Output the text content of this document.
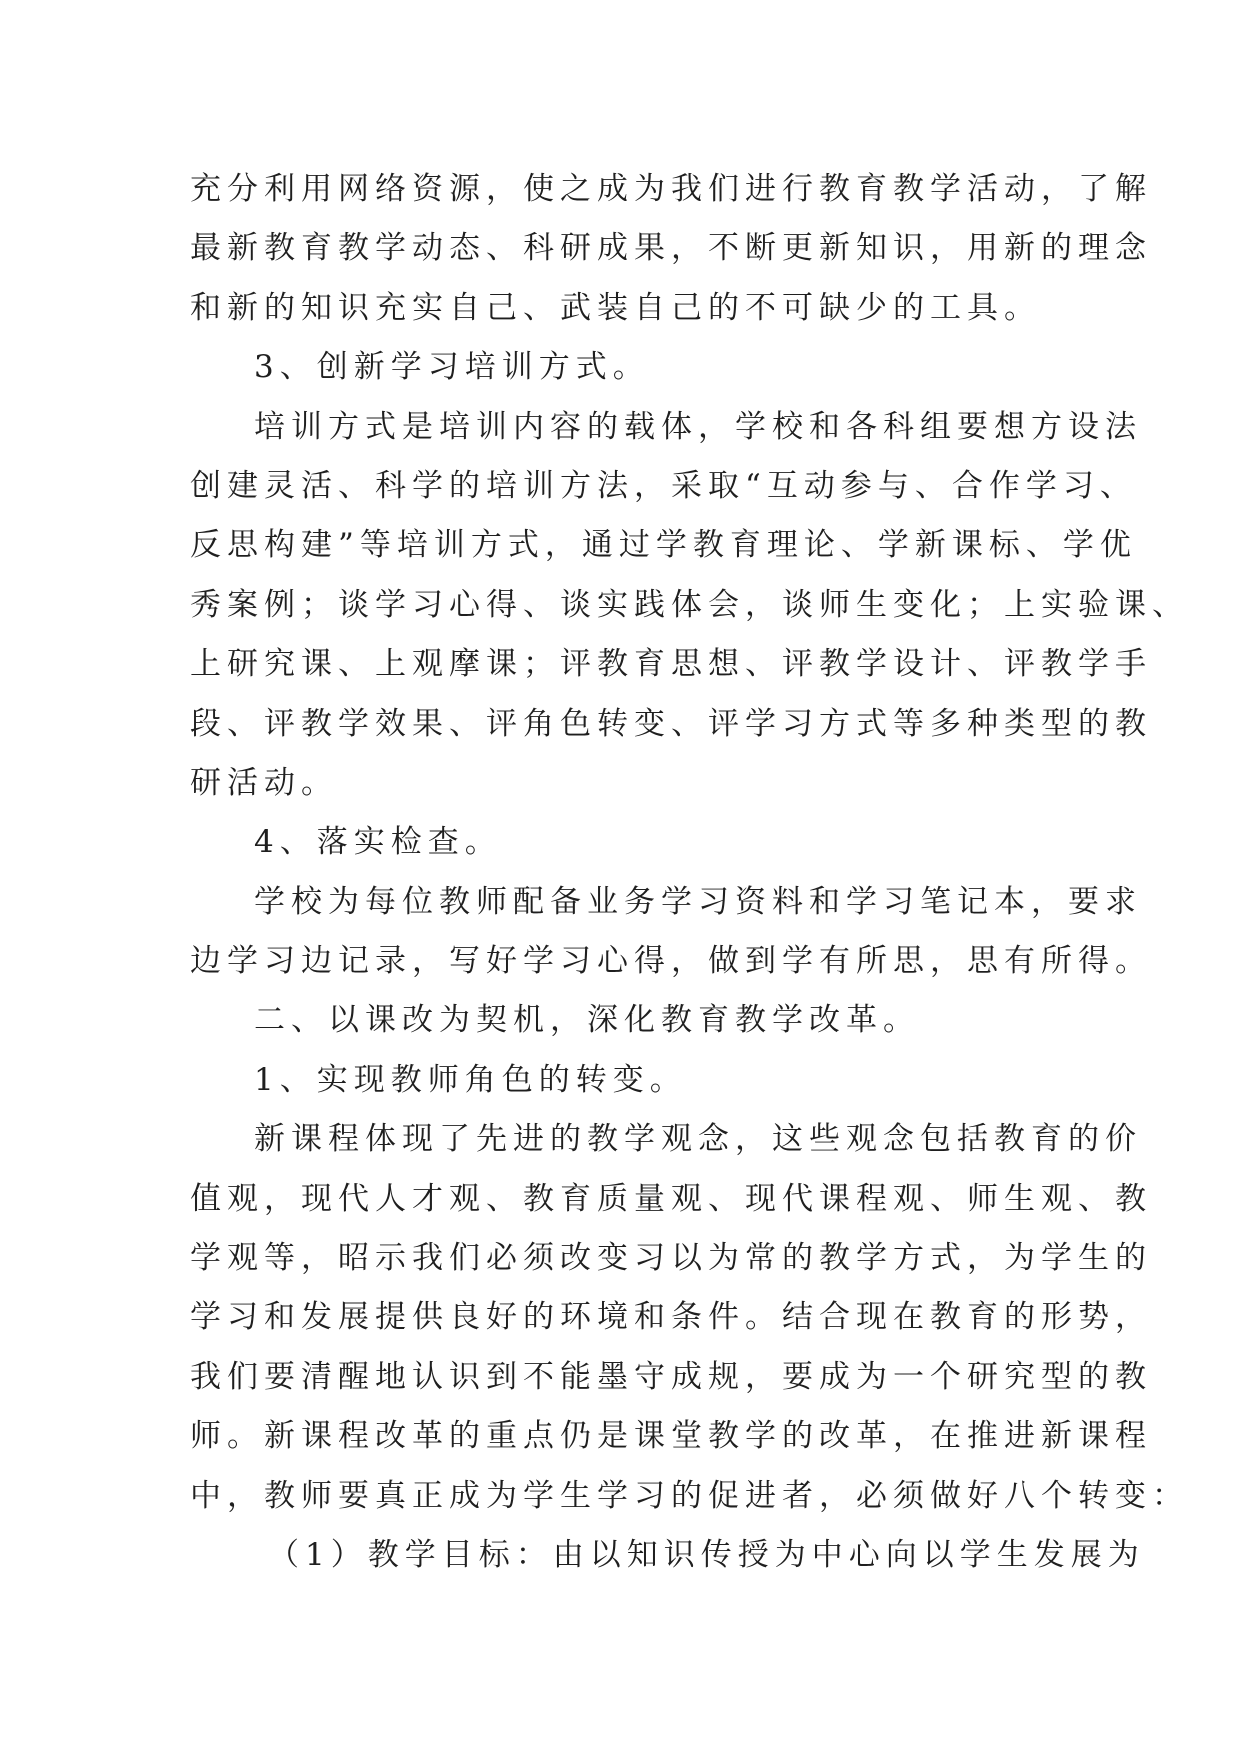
充分利用网络资源，使之成为我们进行教育教学活动，了解
最新教育教学动态、科研成果，不断更新知识，用新的理念
和新的知识充实自己、武装自己的不可缺少的工具。
3、创新学习培训方式。
培训方式是培训内容的载体，学校和各科组要想方设法
创建灵活、科学的培训方法，采取“互动参与、合作学习、
反思构建”等培训方式，通过学教育理论、学新课标、学优
秀案例；谈学习心得、谈实践体会，谈师生变化；上实验课、
上研究课、上观摩课；评教育思想、评教学设计、评教学手
段、评教学效果、评角色转变、评学习方式等多种类型的教
研活动。
4、落实检查。
学校为每位教师配备业务学习资料和学习笔记本，要求
边学习边记录，写好学习心得，做到学有所思，思有所得。
二、以课改为契机，深化教育教学改革。
1、实现教师角色的转变。
新课程体现了先进的教学观念，这些观念包括教育的价
值观，现代人才观、教育质量观、现代课程观、师生观、教
学观等，昭示我们必须改变习以为常的教学方式，为学生的
学习和发展提供良好的环境和条件。结合现在教育的形势，
我们要清醒地认识到不能墨守成规，要成为一个研究型的教
师。新课程改革的重点仍是课堂教学的改革，在推进新课程
中，教师要真正成为学生学习的促进者，必须做好八个转变：
（1）教学目标：由以知识传授为中心向以学生发展为
